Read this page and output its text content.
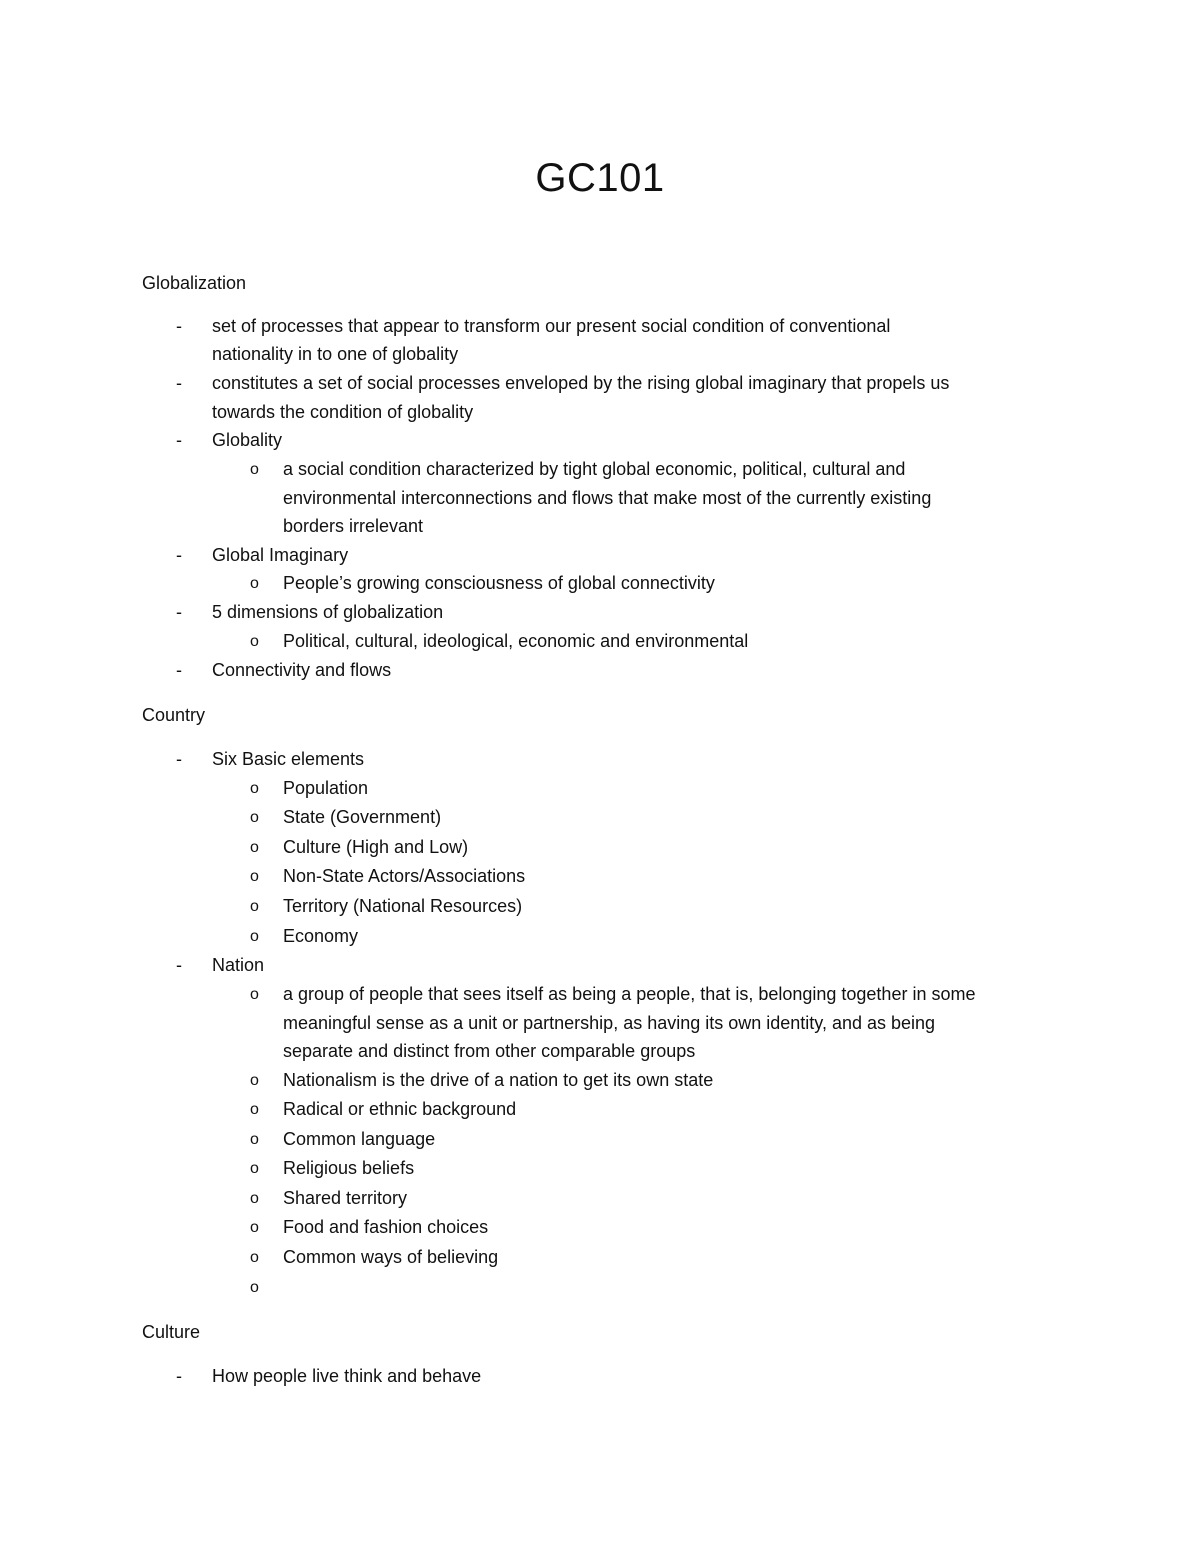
GC101
Globalization
- set of processes that appear to transform our present social condition of conventional
nationality in to one of globality
- constitutes a set of social processes enveloped by the rising global imaginary that propels us
towards the condition of globality
- Globality
o a social condition characterized by tight global economic, political, cultural and
environmental interconnections and flows that make most of the currently existing
borders irrelevant
- Global Imaginary
o People’s growing consciousness of global connectivity
- 5 dimensions of globalization
o Political, cultural, ideological, economic and environmental
- Connectivity and flows
Country
- Six Basic elements
o Population
o State (Government)
o Culture (High and Low)
o Non-State Actors/Associations
o Territory (National Resources)
o Economy
- Nation
o a group of people that sees itself as being a people, that is, belonging together in some
meaningful sense as a unit or partnership, as having its own identity, and as being
separate and distinct from other comparable groups
o Nationalism is the drive of a nation to get its own state
o Radical or ethnic background
o Common language
o Religious beliefs
o Shared territory
o Food and fashion choices
o Common ways of believing
o
Culture
- How people live think and behave
